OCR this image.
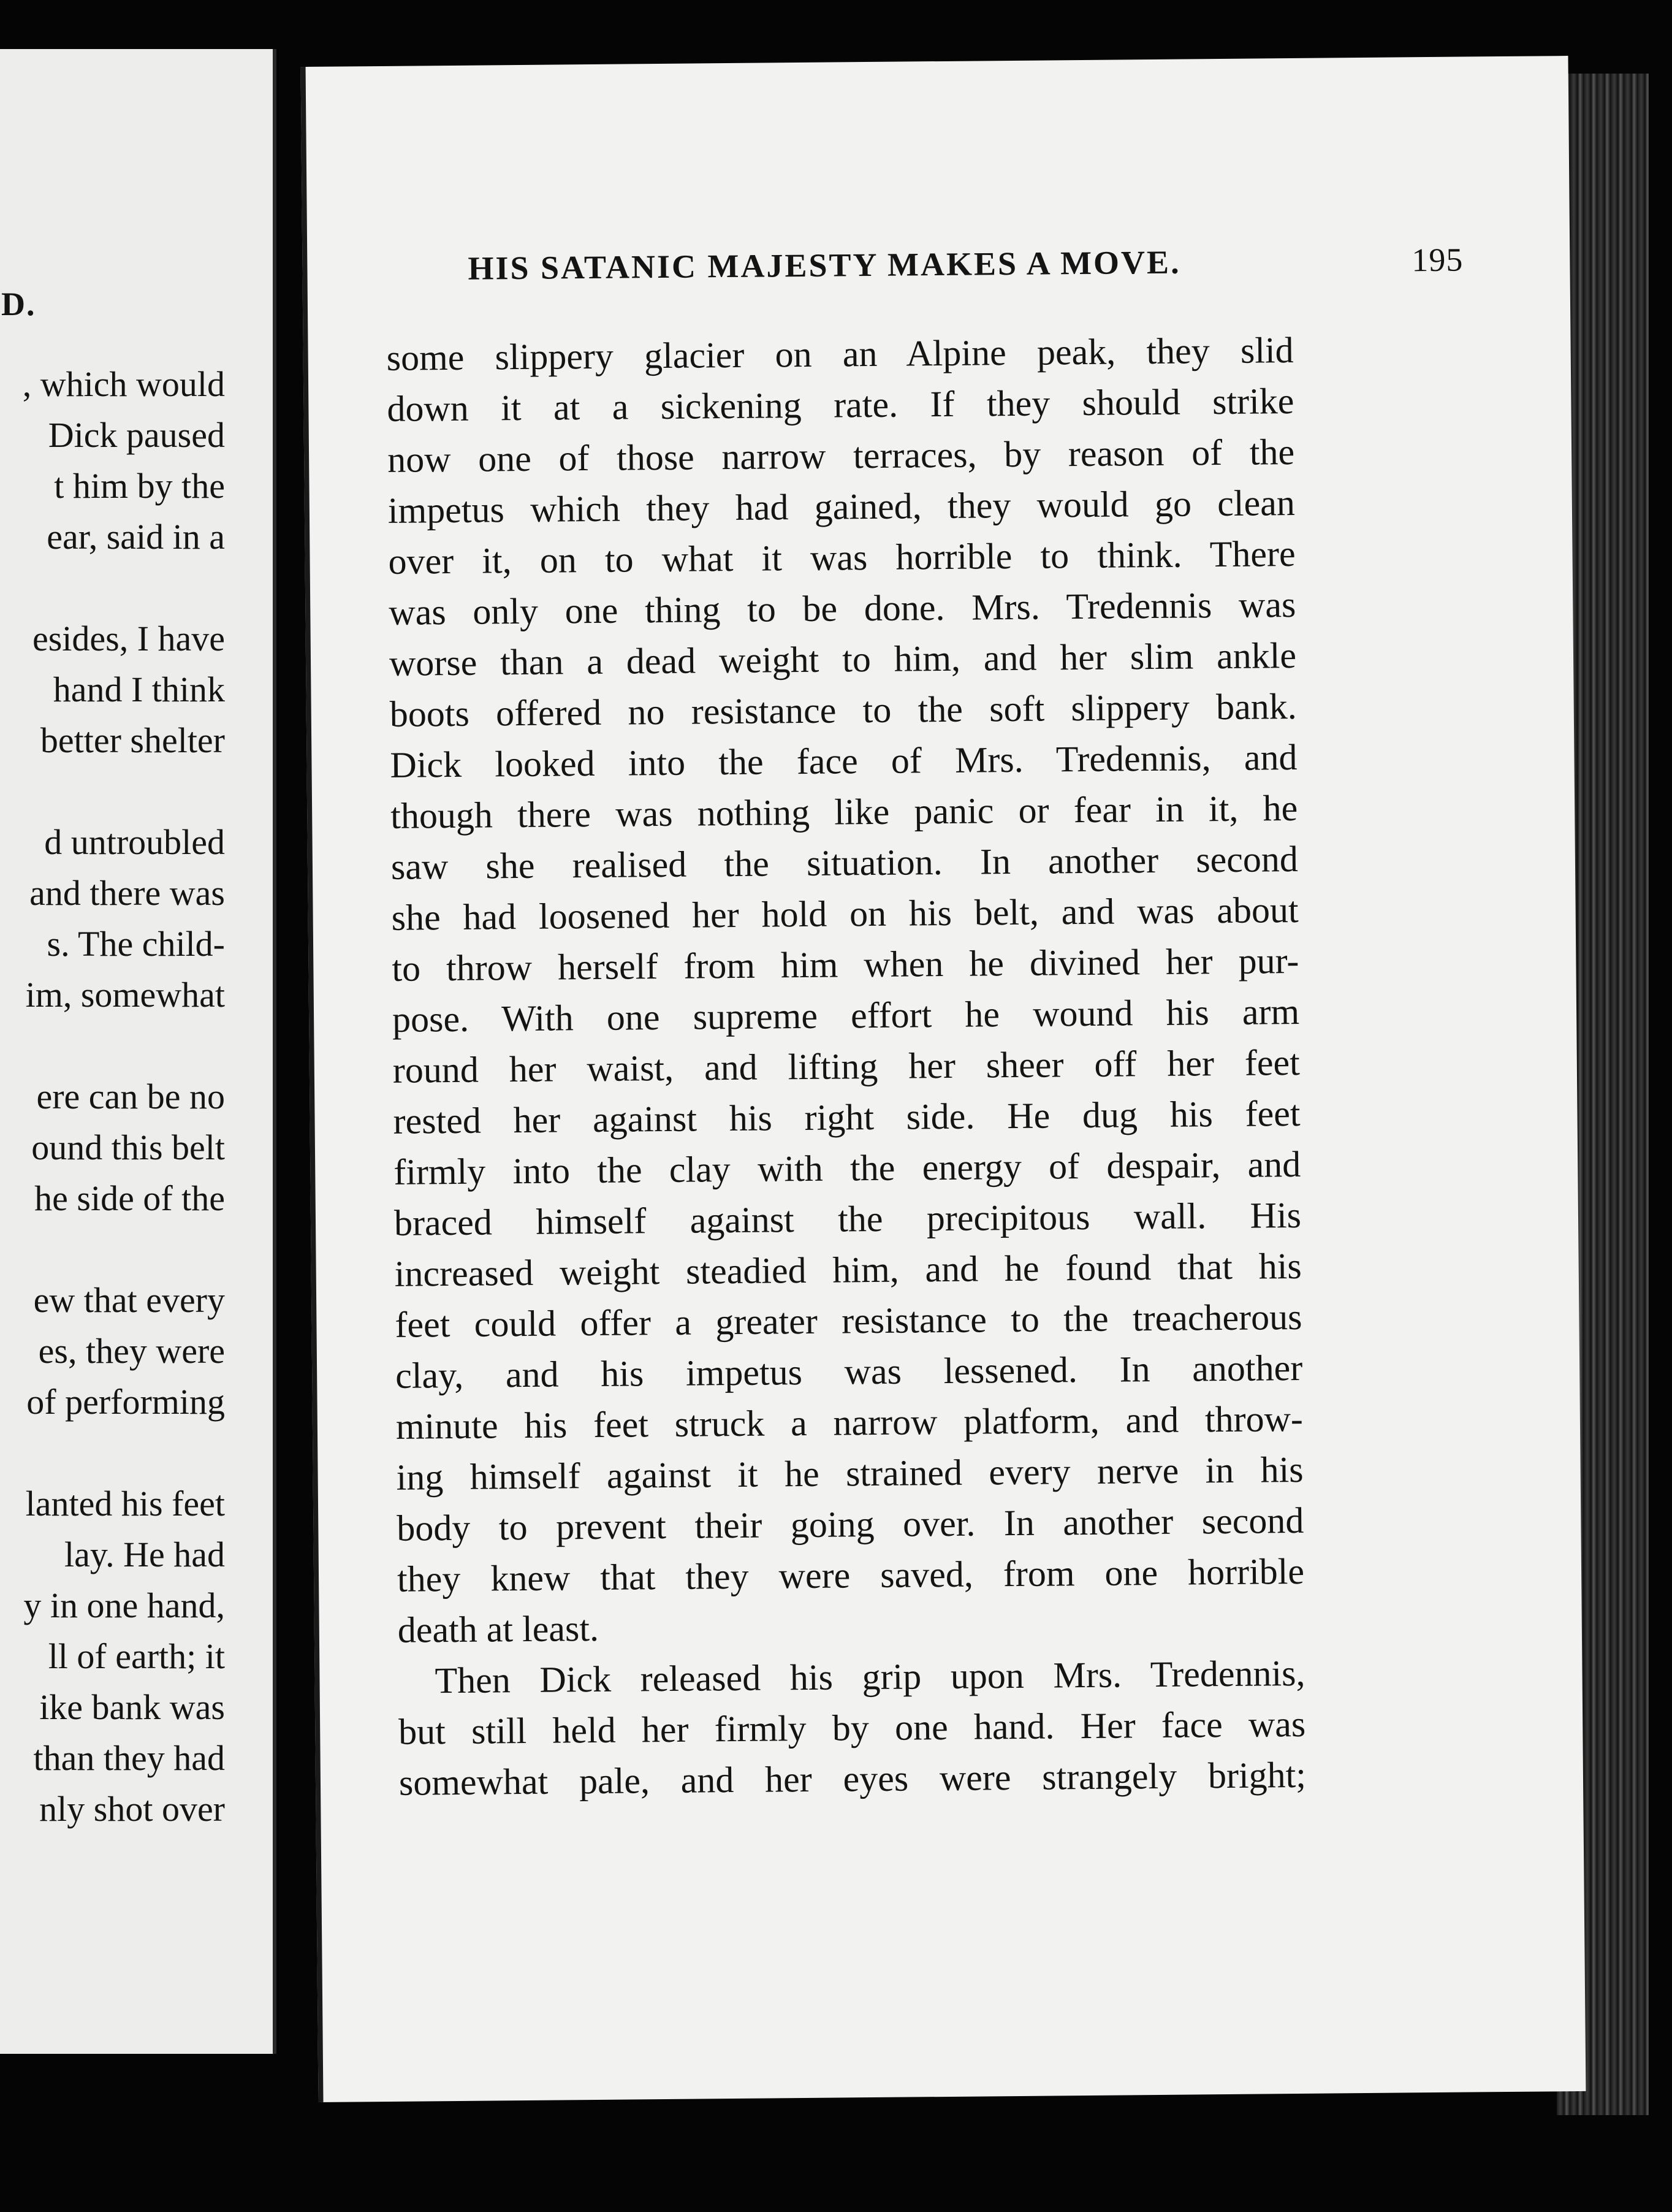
D.
, which would
Dick paused
t him by the
ear, said in a
esides, I have
hand I think
better shelter
d untroubled
and there was
s. The child-
im, somewhat
ere can be no
ound this belt
he side of the
ew that every
es, they were
of performing
lanted his feet
lay. He had
y in one hand,
ll of earth; it
ike bank was
than they had
nly shot over
HIS SATANIC MAJESTY MAKES A MOVE.	195
some slippery glacier on an Alpine peak, they slid
down it at a sickening rate. If they should strike
now one of those narrow terraces, by reason of the
impetus which they had gained, they would go clean
over it, on to what it was horrible to think. There
was only one thing to be done. Mrs. Tredennis was
worse than a dead weight to him, and her slim ankle
boots offered no resistance to the soft slippery bank.
Dick looked into the face of Mrs. Tredennis, and
though there was nothing like panic or fear in it, he
saw she realised the situation. In another second
she had loosened her hold on his belt, and was about
to throw herself from him when he divined her pur-
pose. With one supreme effort he wound his arm
round her waist, and lifting her sheer off her feet
rested her against his right side. He dug his feet
firmly into the clay with the energy of despair, and
braced himself against the precipitous wall. His
increased weight steadied him, and he found that his
feet could offer a greater resistance to the treacherous
clay, and his impetus was lessened. In another
minute his feet struck a narrow platform, and throw-
ing himself against it he strained every nerve in his
body to prevent their going over. In another second
they knew that they were saved, from one horrible
death at least.
Then Dick released his grip upon Mrs. Tredennis,
but still held her firmly by one hand. Her face was
somewhat pale, and her eyes were strangely bright;
